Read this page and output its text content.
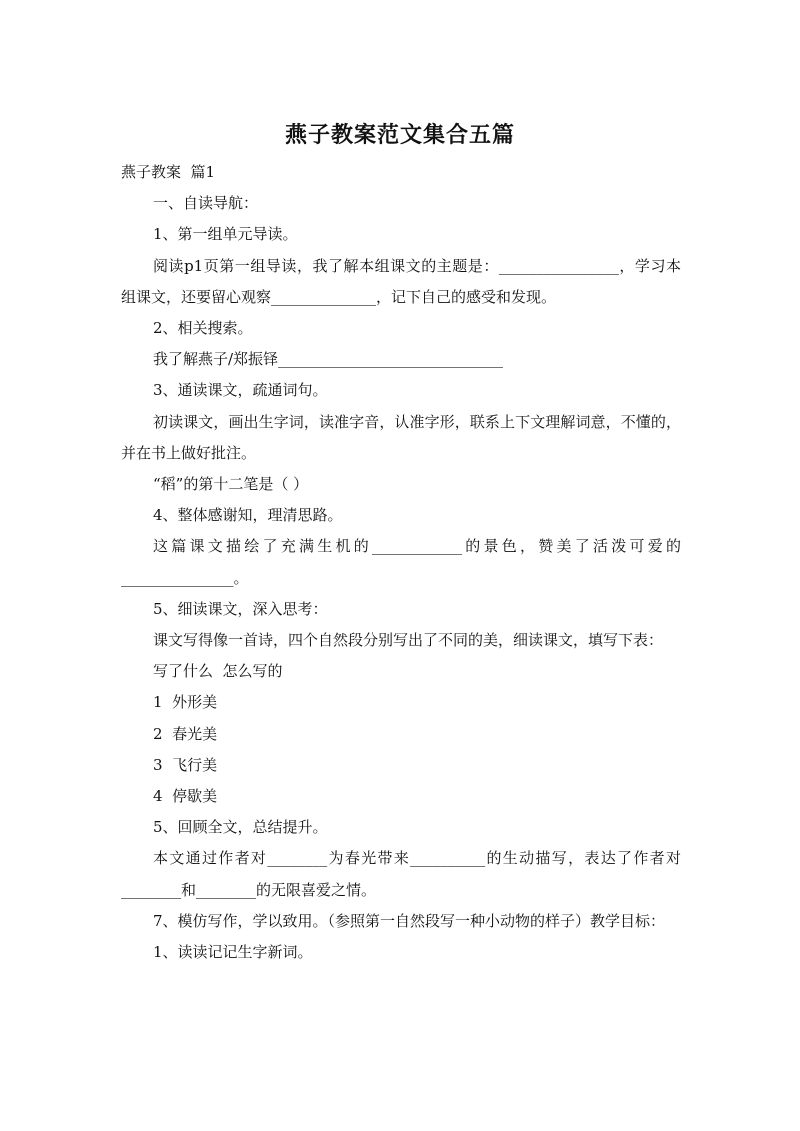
燕子教案范文集合五篇

燕子教案  篇1

一、自读导航：

1、第一组单元导读。

阅读p1页第一组导读，我了解本组课文的主题是：________________，学习本组课文，还要留心观察______________，记下自己的感受和发现。

2、相关搜索。

我了解燕子/郑振铎______________________________

3、通读课文，疏通词句。

初读课文，画出生字词，读准字音，认准字形，联系上下文理解词意，不懂的，并在书上做好批注。

“稻”的第十二笔是（ ）

4、整体感谢知，理清思路。

这篇课文描绘了充满生机的____________的景色，赞美了活泼可爱的_______________。

5、细读课文，深入思考：

课文写得像一首诗，四个自然段分别写出了不同的美，细读课文，填写下表：

写了什么  怎么写的

1  外形美

2  春光美

3  飞行美

4  停歇美

5、回顾全文，总结提升。

本文通过作者对________为春光带来__________的生动描写，表达了作者对________和________的无限喜爱之情。

7、模仿写作，学以致用。（参照第一自然段写一种小动物的样子）教学目标：

1、读读记记生字新词。
